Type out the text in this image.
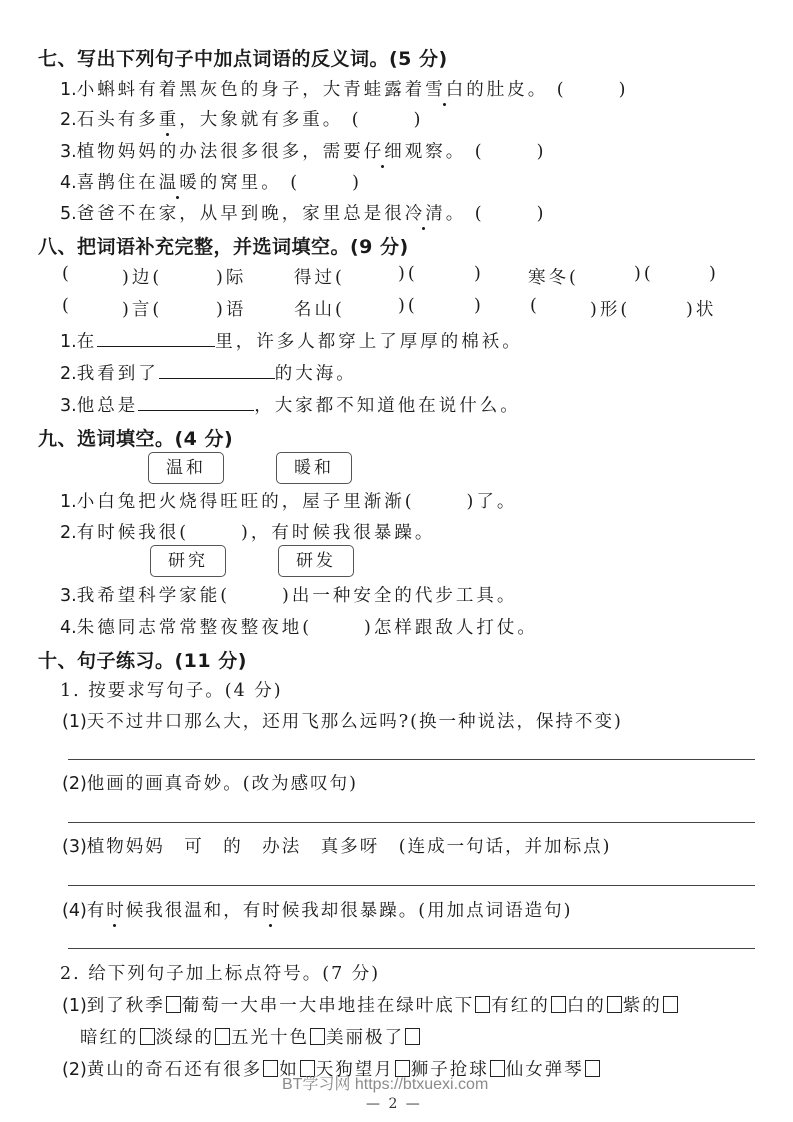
七、写出下列句子中加点词语的反义词。(5 分)
1.小蝌蚪有着黑灰色的身子，大青蛙露着雪白的肚皮。 (	)
2.石头有多重，大象就有多重。 (	)
3.植物妈妈的办法很多很多，需要仔细观察。 (	)
4.喜鹊住在温暖的窝里。 (	)
5.爸爸不在家，从早到晚，家里总是很冷清。 (	)
八、把词语补充完整，并选词填空。(9 分)
(	)边(	)际	得过(	)(	)	寒冬(	)(	)
(	)言(	)语	名山(	)(	)	(	)形(	)状
1.在	里，许多人都穿上了厚厚的棉袄。
2.我看到了	的大海。
3.他总是	，大家都不知道他在说什么。
九、选词填空。(4 分)
温和	暖和
1.小白兔把火烧得旺旺的，屋子里渐渐(	)了。
2.有时候我很(	)，有时候我很暴躁。
研究	研发
3.我希望科学家能(	)出一种安全的代步工具。
4.朱德同志常常整夜整夜地(	)怎样跟敌人打仗。
十、句子练习。(11 分)
1. 按要求写句子。(4 分)
(1)天不过井口那么大，还用飞那么远吗?(换一种说法，保持不变)
(2)他画的画真奇妙。(改为感叹句)
(3)植物妈妈　可　的　办法　真多呀　(连成一句话，并加标点)
(4)有时候我很温和，有时候我却很暴躁。(用加点词语造句)
2. 给下列句子加上标点符号。(7 分)
(1)到了秋季 葡萄一大串一大串地挂在绿叶底下 有红的 白的 紫的
暗红的 淡绿的 五光十色 美丽极了
(2)黄山的奇石还有很多 如 天狗望月 狮子抢球 仙女弹琴
BT学习网 https://btxuexi.com
— 2 —
